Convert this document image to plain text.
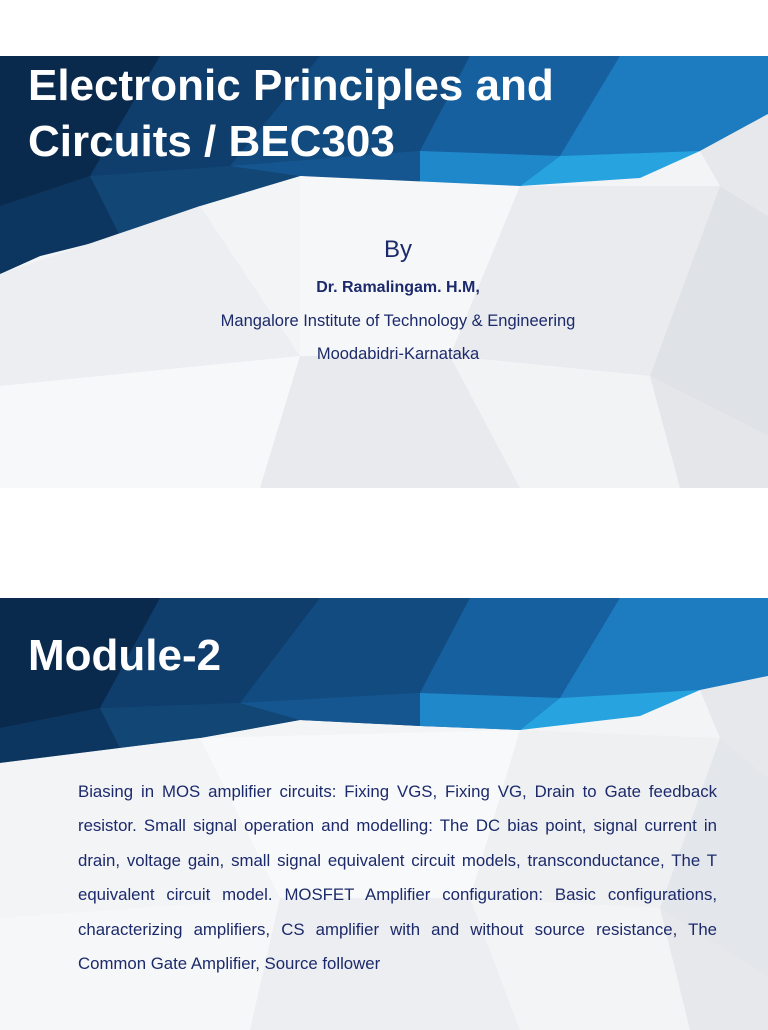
Electronic Principles and
Circuits / BEC303
By
Dr. Ramalingam. H.M,
Mangalore Institute of Technology & Engineering
Moodabidri-Karnataka
Module-2

Biasing in MOS amplifier circuits: Fixing VGS, Fixing VG, Drain to Gate feedback resistor. Small signal operation and modelling: The DC bias point, signal current in drain, voltage gain, small signal equivalent circuit models, transconductance, The T equivalent circuit model. MOSFET Amplifier configuration: Basic configurations, characterizing amplifiers, CS amplifier with and without source resistance, The Common Gate Amplifier, Source follower
